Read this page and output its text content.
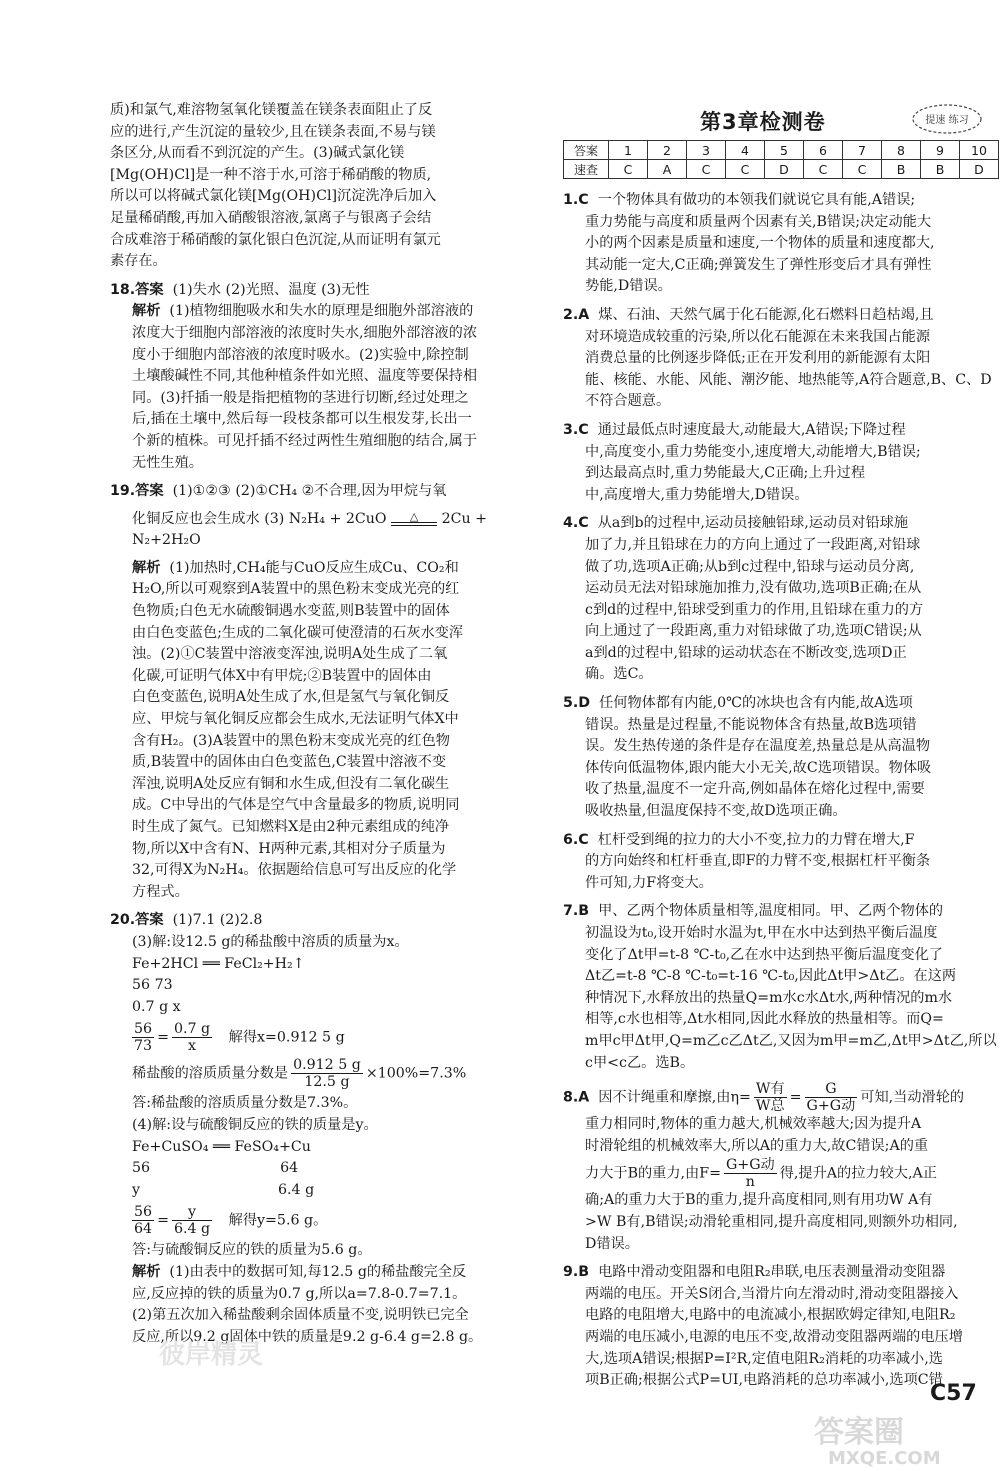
质)和氯气,难溶物氢氧化镁覆盖在镁条表面阻止了反
应的进行,产生沉淀的量较少,且在镁条表面,不易与镁
条区分,从而看不到沉淀的产生。(3)碱式氯化镁
[Mg(OH)Cl]是一种不溶于水,可溶于稀硝酸的物质,
所以可以将碱式氯化镁[Mg(OH)Cl]沉淀洗净后加入
足量稀硝酸,再加入硝酸银溶液,氯离子与银离子会结
合成难溶于稀硝酸的氯化银白色沉淀,从而证明有氯元
素存在。
18.答案 (1)失水 (2)光照、温度 (3)无性
解析 (1)植物细胞吸水和失水的原理是细胞外部溶液的
浓度大于细胞内部溶液的浓度时失水,细胞外部溶液的浓
度小于细胞内部溶液的浓度时吸水。(2)实验中,除控制
土壤酸碱性不同,其他种植条件如光照、温度等要保持相
同。(3)扦插一般是指把植物的茎进行切断,经过处理之
后,插在土壤中,然后每一段枝条都可以生根发芽,长出一
个新的植株。可见扦插不经过两性生殖细胞的结合,属于
无性生殖。
19.答案 (1)①②③ (2)①CH₄ ②不合理,因为甲烷与氧
化铜反应也会生成水 (3) N₂H₄ + 2CuO	△	2Cu +
N₂+2H₂O
解析 (1)加热时,CH₄能与CuO反应生成Cu、CO₂和
H₂O,所以可观察到A装置中的黑色粉末变成光亮的红
色物质;白色无水硫酸铜遇水变蓝,则B装置中的固体
由白色变蓝色;生成的二氧化碳可使澄清的石灰水变浑
浊。(2)①C装置中溶液变浑浊,说明A处生成了二氧
化碳,可证明气体X中有甲烷;②B装置中的固体由
白色变蓝色,说明A处生成了水,但是氢气与氧化铜反
应、甲烷与氧化铜反应都会生成水,无法证明气体X中
含有H₂。(3)A装置中的黑色粉末变成光亮的红色物
质,B装置中的固体由白色变蓝色,C装置中溶液不变
浑浊,说明A处反应有铜和水生成,但没有二氧化碳生
成。C中导出的气体是空气中含量最多的物质,说明同
时生成了氮气。已知燃料X是由2种元素组成的纯净
物,所以X中含有N、H两种元素,其相对分子质量为
32,可得X为N₂H₄。依据题给信息可写出反应的化学
方程式。
20.答案 (1)7.1 (2)2.8
(3)解:设12.5 g的稀盐酸中溶质的质量为x。
Fe+2HCl ══ FeCl₂+H₂↑
56 73
0.7 g x
$\frac{56}{73} = \frac{0.7 g}{x}$ 解得x=0.912 5 g
稀盐酸的溶质质量分数是 $\frac{0.912 5 g}{12.5 g} \times 100\%=7.3\%$
答:稀盐酸的溶质质量分数是7.3%。
(4)解:设与硫酸铜反应的铁的质量是y。
Fe+CuSO₄ ══ FeSO₄+Cu
56	64
y	6.4 g
$\frac{56}{64} = \frac{y}{6.4 g}$ 解得y=5.6 g。
答:与硫酸铜反应的铁的质量为5.6 g。
解析 (1)由表中的数据可知,每12.5 g的稀盐酸完全反
应,反应掉的铁的质量为0.7 g,所以a=7.8-0.7=7.1。
(2)第五次加入稀盐酸剩余固体质量不变,说明铁已完全
反应,所以9.2 g固体中铁的质量是9.2 g-6.4 g=2.8 g。
第3章检测卷	提速 练习
答案	1	2	3	4	5	6	7	8	9	10
速查	C	A	C	C	D	C	C	B	B	D
1.C 一个物体具有做功的本领我们就说它具有能,A错误;
重力势能与高度和质量两个因素有关,B错误;决定动能大
小的两个因素是质量和速度,一个物体的质量和速度都大,
其动能一定大,C正确;弹簧发生了弹性形变后才具有弹性
势能,D错误。
2.A 煤、石油、天然气属于化石能源,化石燃料日趋枯竭,且
对环境造成较重的污染,所以化石能源在未来我国占能源
消费总量的比例逐步降低;正在开发利用的新能源有太阳
能、核能、水能、风能、潮汐能、地热能等,A符合题意,B、C、D
不符合题意。
3.C 通过最低点时速度最大,动能最大,A错误;下降过程
中,高度变小,重力势能变小,速度增大,动能增大,B错误;
到达最高点时,重力势能最大,C正确;上升过程
中,高度增大,重力势能增大,D错误。
4.C 从a到b的过程中,运动员接触铅球,运动员对铅球施
加了力,并且铅球在力的方向上通过了一段距离,对铅球
做了功,选项A正确;从b到c过程中,铅球与运动员分离,
运动员无法对铅球施加推力,没有做功,选项B正确;在从
c到d的过程中,铅球受到重力的作用,且铅球在重力的方
向上通过了一段距离,重力对铅球做了功,选项C错误;从
a到d的过程中,铅球的运动状态在不断改变,选项D正
确。选C。
5.D 任何物体都有内能,0℃的冰块也含有内能,故A选项
错误。热量是过程量,不能说物体含有热量,故B选项错
误。发生热传递的条件是存在温度差,热量总是从高温物
体传向低温物体,跟内能大小无关,故C选项错误。物体吸
收了热量,温度不一定升高,例如晶体在熔化过程中,需要
吸收热量,但温度保持不变,故D选项正确。
6.C 杠杆受到绳的拉力的大小不变,拉力的力臂在增大,F
的方向始终和杠杆垂直,即F的力臂不变,根据杠杆平衡条
件可知,力F将变大。
7.B 甲、乙两个物体质量相等,温度相同。甲、乙两个物体的
初温设为t₀,设开始时水温为t,甲在水中达到热平衡后温度
变化了Δt甲=t-8 ℃-t₀,乙在水中达到热平衡后温度变化了
Δt乙=t-8 ℃-8 ℃-t₀=t-16 ℃-t₀,因此Δt甲>Δt乙。在这两
种情况下,水释放出的热量Q=m水c水Δt水,两种情况的m水
相等,c水也相等,Δt水相同,因此水释放的热量相等。而Q=
m甲c甲Δt甲,Q=m乙c乙Δt乙,又因为m甲=m乙,Δt甲>Δt乙,所以
c甲<c乙。选B。
8.A 因不计绳重和摩擦,由$\eta= \frac{\text{W有}}{\text{W总}} = \frac{G}{\text{G+G动}}$ 可知,当动滑轮的
重力相同时,物体的重力越大,机械效率越大;因为提升A
时滑轮组的机械效率大,所以A的重力大,故C错误;A的重
力大于B的重力,由$F= \frac{\text{G+G动}}{n}$ 得,提升A的拉力较大,A正
确;A的重力大于B的重力,提升高度相同,则有用功W A有
>W B有,B错误;动滑轮重相同,提升高度相同,则额外功相同,
D错误。
9.B 电路中滑动变阻器和电阻R₂串联,电压表测量滑动变阻器
两端的电压。开关S闭合,当滑片向左滑动时,滑动变阻器接入
电路的电阻增大,电路中的电流减小,根据欧姆定律知,电阻R₂
两端的电压减小,电源的电压不变,故滑动变阻器两端的电压增
大,选项A错误;根据P=I²R,定值电阻R₂消耗的功率减小,选
项B正确;根据公式P=UI,电路消耗的总功率减小,选项C错
C57
彼岸精灵
答案圈
MXQE.COM
